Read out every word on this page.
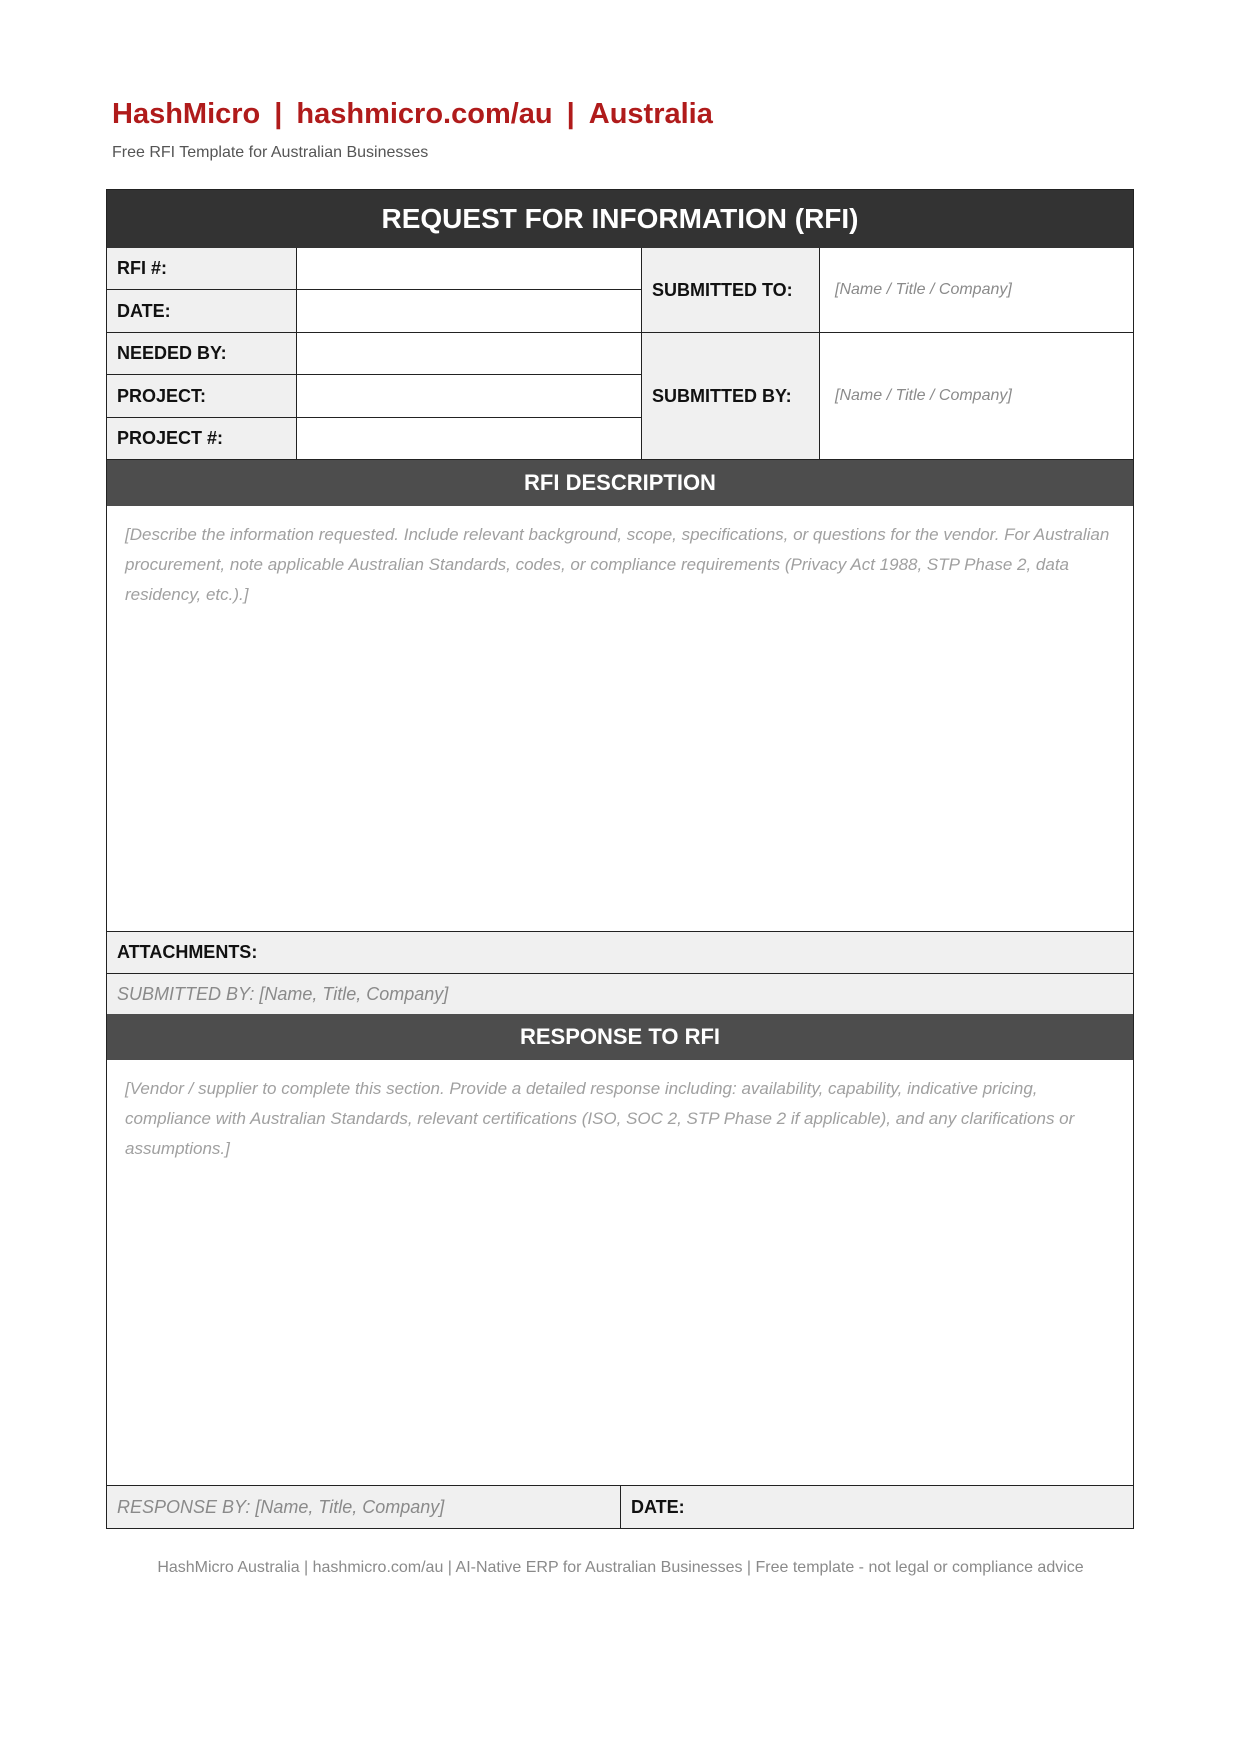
HashMicro | hashmicro.com/au | Australia
Free RFI Template for Australian Businesses
REQUEST FOR INFORMATION (RFI)
RFI #:
DATE:
NEEDED BY:
PROJECT:
PROJECT #:
SUBMITTED TO:	[Name / Title / Company]
SUBMITTED BY:	[Name / Title / Company]
RFI DESCRIPTION
[Describe the information requested. Include relevant background, scope, specifications, or questions for the vendor. For Australian procurement, note applicable Australian Standards, codes, or compliance requirements (Privacy Act 1988, STP Phase 2, data residency, etc.).]
ATTACHMENTS:
SUBMITTED BY: [Name, Title, Company]
RESPONSE TO RFI
[Vendor / supplier to complete this section. Provide a detailed response including: availability, capability, indicative pricing, compliance with Australian Standards, relevant certifications (ISO, SOC 2, STP Phase 2 if applicable), and any clarifications or assumptions.]
RESPONSE BY: [Name, Title, Company]	DATE:
HashMicro Australia | hashmicro.com/au | AI-Native ERP for Australian Businesses | Free template - not legal or compliance advice
